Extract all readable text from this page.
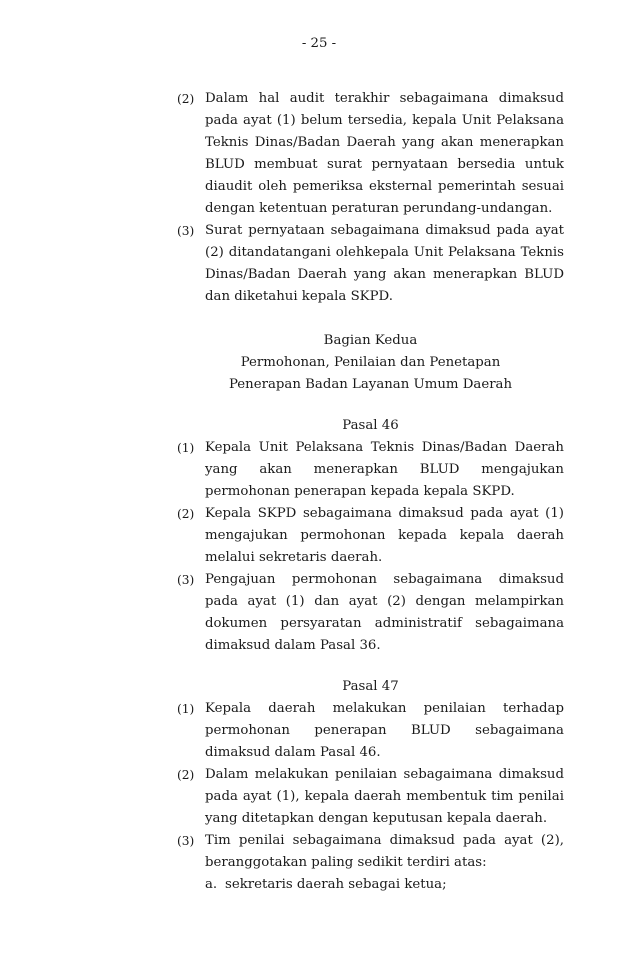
- 25 -
(2) Dalam hal audit terakhir sebagaimana dimaksud pada ayat (1) belum tersedia, kepala Unit Pelaksana Teknis Dinas/Badan Daerah yang akan menerapkan BLUD membuat surat pernyataan bersedia untuk diaudit oleh pemeriksa eksternal pemerintah sesuai dengan ketentuan peraturan perundang-undangan.
(3) Surat pernyataan sebagaimana dimaksud pada ayat (2) ditandatangani olehkepala Unit Pelaksana Teknis Dinas/Badan Daerah yang akan menerapkan BLUD dan diketahui kepala SKPD.
Bagian Kedua
Permohonan, Penilaian dan Penetapan
Penerapan Badan Layanan Umum Daerah
Pasal 46
(1) Kepala Unit Pelaksana Teknis Dinas/Badan Daerah yang akan menerapkan BLUD mengajukan permohonan penerapan kepada kepala SKPD.
(2) Kepala SKPD sebagaimana dimaksud pada ayat (1) mengajukan permohonan kepada kepala daerah melalui sekretaris daerah.
(3) Pengajuan permohonan sebagaimana dimaksud pada ayat (1) dan ayat (2) dengan melampirkan dokumen persyaratan administratif sebagaimana dimaksud dalam Pasal 36.
Pasal 47
(1) Kepala daerah melakukan penilaian terhadap permohonan penerapan BLUD sebagaimana dimaksud dalam Pasal 46.
(2) Dalam melakukan penilaian sebagaimana dimaksud pada ayat (1), kepala daerah membentuk tim penilai yang ditetapkan dengan keputusan kepala daerah.
(3) Tim penilai sebagaimana dimaksud pada ayat (2), beranggotakan paling sedikit terdiri atas:
a. sekretaris daerah sebagai ketua;
